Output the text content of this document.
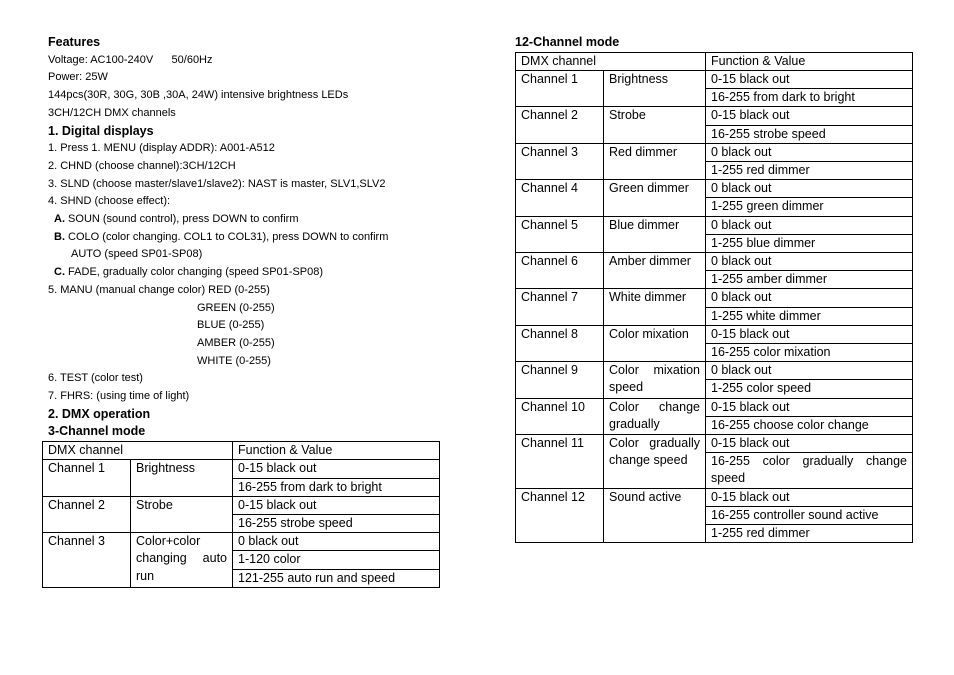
Features
Voltage: AC100-240V      50/60Hz
Power: 25W
144pcs(30R, 30G, 30B ,30A, 24W) intensive brightness LEDs
3CH/12CH DMX channels
1. Digital displays
1. Press 1. MENU (display ADDR): A001-A512
2. CHND (choose channel):3CH/12CH
3. SLND (choose master/slave1/slave2): NAST is master, SLV1,SLV2
4. SHND (choose effect):
A. SOUN (sound control), press DOWN to confirm
B. COLO (color changing. COL1 to COL31), press DOWN to confirm
AUTO (speed SP01-SP08)
C. FADE, gradually color changing (speed SP01-SP08)
5. MANU (manual change color) RED (0-255)
GREEN (0-255)
BLUE (0-255)
AMBER (0-255)
WHITE (0-255)
6. TEST (color test)
7. FHRS: (using time of light)
2. DMX operation
3-Channel mode
DMX channel		Function & Value
Channel 1	Brightness	0-15 black out
		16-255 from dark to bright
Channel 2	Strobe	0-15 black out
		16-255 strobe speed
Channel 3	Color+color changing auto run	0 black out
		1-120 color
		121-255 auto run and speed
12-Channel mode
DMX channel		Function & Value
Channel 1	Brightness	0-15 black out
		16-255 from dark to bright
Channel 2	Strobe	0-15 black out
		16-255 strobe speed
Channel 3	Red dimmer	0 black out
		1-255 red dimmer
Channel 4	Green dimmer	0 black out
		1-255 green dimmer
Channel 5	Blue dimmer	0 black out
		1-255 blue dimmer
Channel 6	Amber dimmer	0 black out
		1-255 amber dimmer
Channel 7	White dimmer	0 black out
		1-255 white dimmer
Channel 8	Color mixation	0-15 black out
		16-255 color mixation
Channel 9	Color mixation speed	0 black out
		1-255 color speed
Channel 10	Color change gradually	0-15 black out
		16-255 choose color change
Channel 11	Color gradually change speed	0-15 black out
		16-255 color gradually change speed
Channel 12	Sound active	0-15 black out
		16-255 controller sound active
		1-255 red dimmer
